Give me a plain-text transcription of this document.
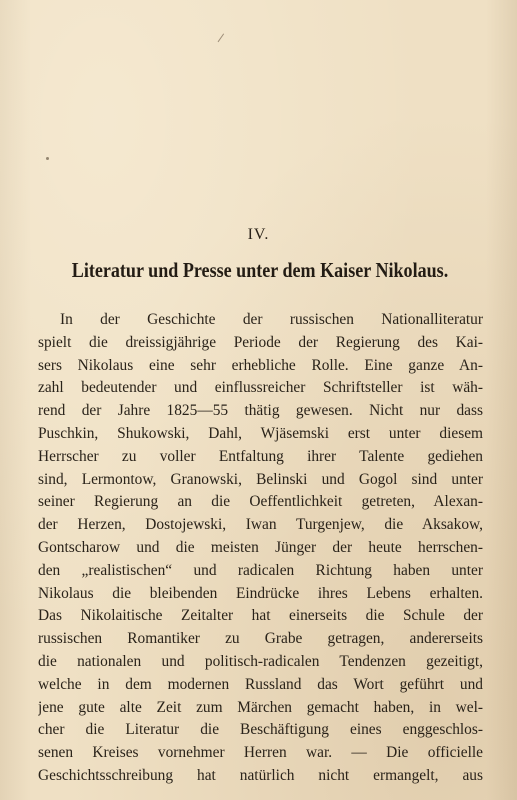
IV.
Literatur und Presse unter dem Kaiser Nikolaus.
In der Geschichte der russischen Nationalliteratur
spielt die dreissigjährige Periode der Regierung des Kai-
sers Nikolaus eine sehr erhebliche Rolle. Eine ganze An-
zahl bedeutender und einflussreicher Schriftsteller ist wäh-
rend der Jahre 1825—55 thätig gewesen. Nicht nur dass
Puschkin, Shukowski, Dahl, Wjäsemski erst unter diesem
Herrscher zu voller Entfaltung ihrer Talente gediehen
sind, Lermontow, Granowski, Belinski und Gogol sind unter
seiner Regierung an die Oeffentlichkeit getreten, Alexan-
der Herzen, Dostojewski, Iwan Turgenjew, die Aksakow,
Gontscharow und die meisten Jünger der heute herrschen-
den „realistischen“ und radicalen Richtung haben unter
Nikolaus die bleibenden Eindrücke ihres Lebens erhalten.
Das Nikolaitische Zeitalter hat einerseits die Schule der
russischen Romantiker zu Grabe getragen, andererseits
die nationalen und politisch-radicalen Tendenzen gezeitigt,
welche in dem modernen Russland das Wort geführt und
jene gute alte Zeit zum Märchen gemacht haben, in wel-
cher die Literatur die Beschäftigung eines enggeschlos-
senen Kreises vornehmer Herren war. — Die officielle
Geschichtsschreibung hat natürlich nicht ermangelt, aus
